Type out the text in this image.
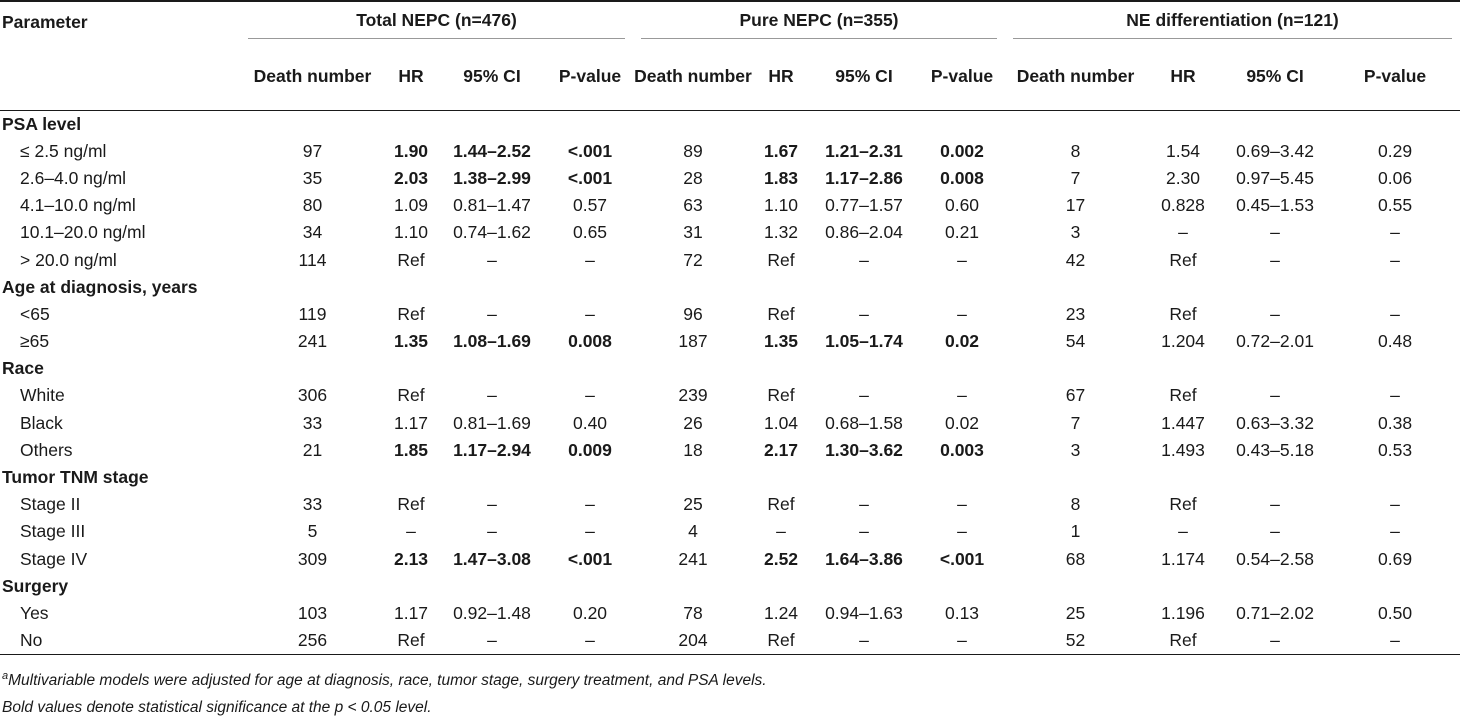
Parameter	Total NEPC (n=476)				Pure NEPC (n=355)				NE differentiation (n=121)			

	Death number	HR	95% CI	P-value	Death number	HR	95% CI	P-value	Death number	HR	95% CI	P-value
PSA level												
≤ 2.5 ng/ml	97	1.90	1.44–2.52	<.001	89	1.67	1.21–2.31	0.002	8	1.54	0.69–3.42	0.29
2.6–4.0 ng/ml	35	2.03	1.38–2.99	<.001	28	1.83	1.17–2.86	0.008	7	2.30	0.97–5.45	0.06
4.1–10.0 ng/ml	80	1.09	0.81–1.47	0.57	63	1.10	0.77–1.57	0.60	17	0.828	0.45–1.53	0.55
10.1–20.0 ng/ml	34	1.10	0.74–1.62	0.65	31	1.32	0.86–2.04	0.21	3	–	–	–
> 20.0 ng/ml	114	Ref	–	–	72	Ref	–	–	42	Ref	–	–
Age at diagnosis, years												
<65	119	Ref	–	–	96	Ref	–	–	23	Ref	–	–
≥65	241	1.35	1.08–1.69	0.008	187	1.35	1.05–1.74	0.02	54	1.204	0.72–2.01	0.48
Race												
White	306	Ref	–	–	239	Ref	–	–	67	Ref	–	–
Black	33	1.17	0.81–1.69	0.40	26	1.04	0.68–1.58	0.02	7	1.447	0.63–3.32	0.38
Others	21	1.85	1.17–2.94	0.009	18	2.17	1.30–3.62	0.003	3	1.493	0.43–5.18	0.53
Tumor TNM stage												
Stage II	33	Ref	–	–	25	Ref	–	–	8	Ref	–	–
Stage III	5	–	–	–	4	–	–	–	1	–	–	–
Stage IV	309	2.13	1.47–3.08	<.001	241	2.52	1.64–3.86	<.001	68	1.174	0.54–2.58	0.69
Surgery												
Yes	103	1.17	0.92–1.48	0.20	78	1.24	0.94–1.63	0.13	25	1.196	0.71–2.02	0.50
No	256	Ref	–	–	204	Ref	–	–	52	Ref	–	–
$^a$Multivariable models were adjusted for age at diagnosis, race, tumor stage, surgery treatment, and PSA levels.
Bold values denote statistical significance at the p < 0.05 level.
